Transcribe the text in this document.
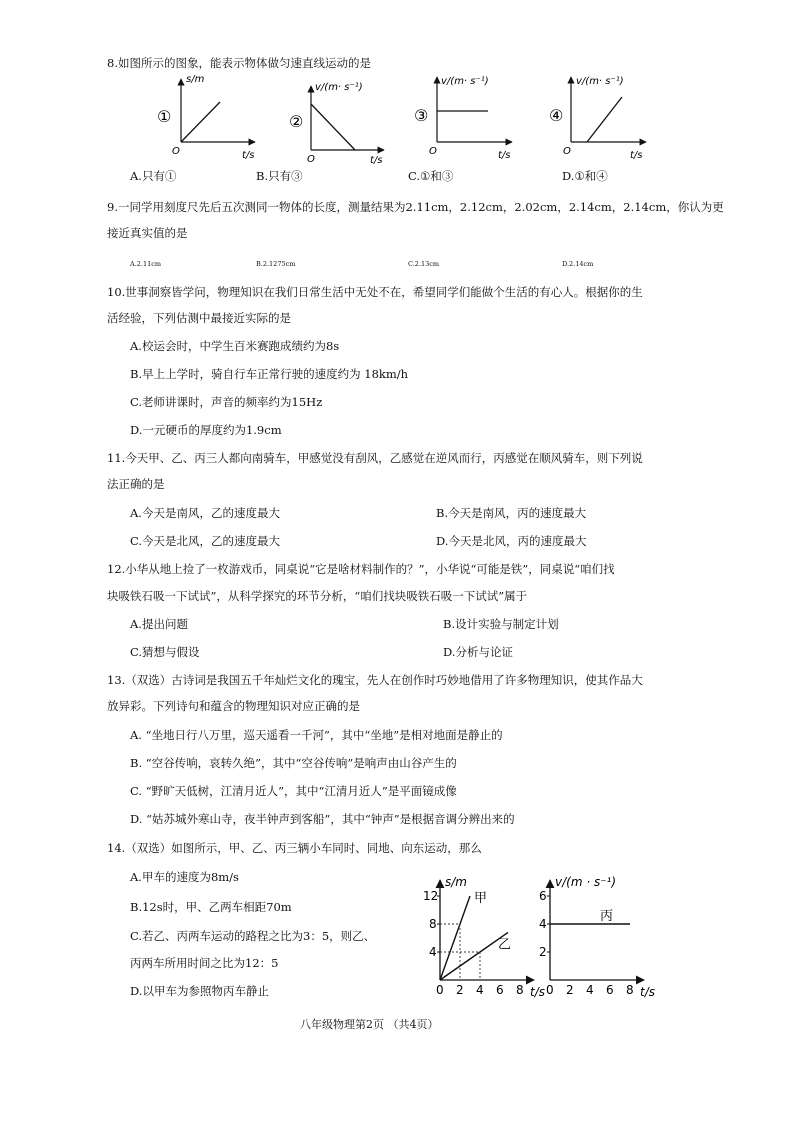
8.如图所示的图象，能表示物体做匀速直线运动的是
①
s/m
t/s
O
②
v/(m· s⁻¹)
t/s
O
③
v/(m· s⁻¹)
t/s
O
④
v/(m· s⁻¹)
t/s
O
A.只有①	B.只有③	C.①和③	D.①和④
9.一同学用刻度尺先后五次测同一物体的长度，测量结果为2.11cm，2.12cm，2.02cm，2.14cm，2.14cm，你认为更
接近真实值的是
A.2.11cm	B.2.1275cm	C.2.13cm	D.2.14cm
10.世事洞察皆学问，物理知识在我们日常生活中无处不在，希望同学们能做个生活的有心人。根据你的生
活经验，下列估测中最接近实际的是
A.校运会时，中学生百米赛跑成绩约为8s
B.早上上学时，骑自行车正常行驶的速度约为 18km/h
C.老师讲课时，声音的频率约为15Hz
D.一元硬币的厚度约为1.9cm
11.今天甲、乙、丙三人都向南骑车，甲感觉没有刮风，乙感觉在逆风而行，丙感觉在顺风骑车，则下列说
法正确的是
A.今天是南风，乙的速度最大	B.今天是南风，丙的速度最大
C.今天是北风，乙的速度最大	D.今天是北风，丙的速度最大
12.小华从地上捡了一枚游戏币，同桌说“它是啥材料制作的？”，小华说“可能是铁”，同桌说“咱们找
块吸铁石吸一下试试”，从科学探究的环节分析，“咱们找块吸铁石吸一下试试”属于
A.提出问题	B.设计实验与制定计划
C.猜想与假设	D.分析与论证
13.（双选）古诗词是我国五千年灿烂文化的瑰宝，先人在创作时巧妙地借用了许多物理知识，使其作品大
放异彩。下列诗句和蕴含的物理知识对应正确的是
A. “坐地日行八万里，巡天遥看一千河”，其中“坐地”是相对地面是静止的
B. “空谷传响，哀转久绝”，其中“空谷传响”是响声由山谷产生的
C. “野旷天低树，江清月近人”，其中“江清月近人”是平面镜成像
D. “姑苏城外寒山寺，夜半钟声到客船”，其中“钟声”是根据音调分辨出来的
14.（双选）如图所示，甲、乙、丙三辆小车同时、同地、向东运动，那么
A.甲车的速度为8m/s
B.12s时，甲、乙两车相距70m
C.若乙、丙两车运动的路程之比为3：5，则乙、
丙两车所用时间之比为12：5
D.以甲车为参照物丙车静止	0 2 4 6 8
4
8
12
s/m
t/s
甲
乙
0 2 4 6 8
2
4
6
v/(m · s⁻¹)
t/s
丙
八年级物理第2页 （共4页）
